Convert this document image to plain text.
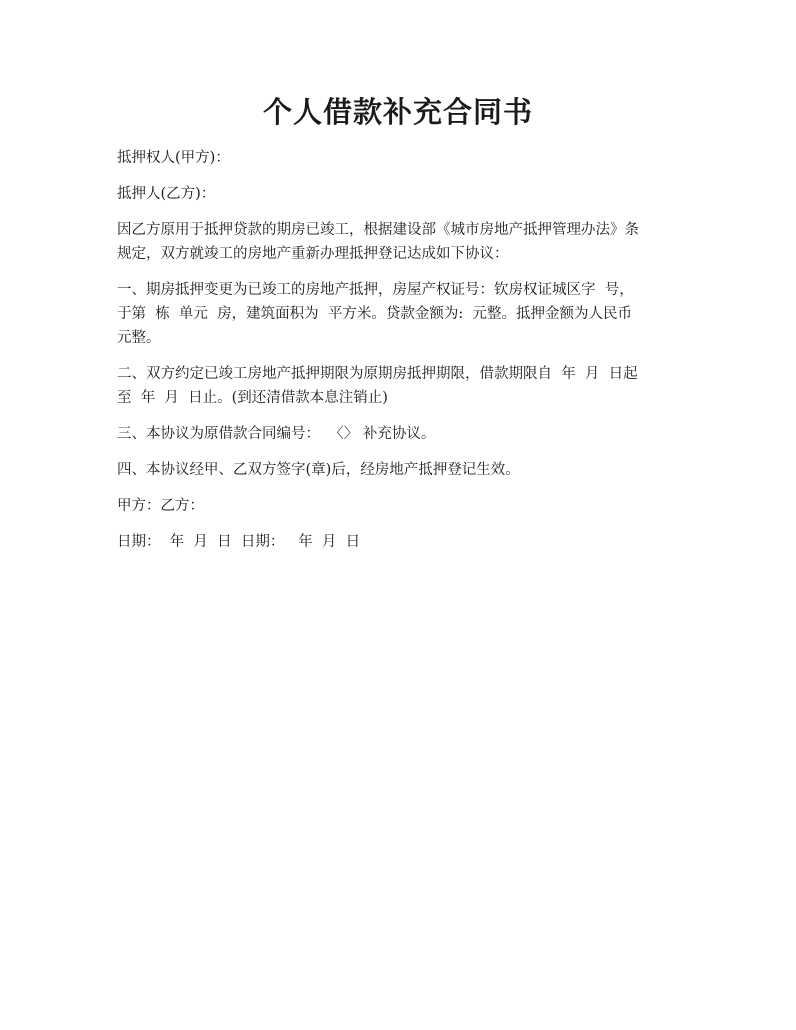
个人借款补充合同书

抵押权人(甲方)：

抵押人(乙方)：

因乙方原用于抵押贷款的期房已竣工，根据建设部《城市房地产抵押管理办法》条
规定，双方就竣工的房地产重新办理抵押登记达成如下协议：

一、期房抵押变更为已竣工的房地产抵押，房屋产权证号：钦房权证城区字  号，
于第  栋  单元  房，建筑面积为  平方米。贷款金额为:  元整。抵押金额为人民币
元整。

二、双方约定已竣工房地产抵押期限为原期房抵押期限，借款期限自  年  月  日起
至  年  月  日止。(到还清借款本息注销止)

三、本协议为原借款合同编号：  〈〉 补充协议。

四、本协议经甲、乙双方签字(章)后，经房地产抵押登记生效。

甲方：乙方：

日期：  年  月  日  日期：   年  月  日
